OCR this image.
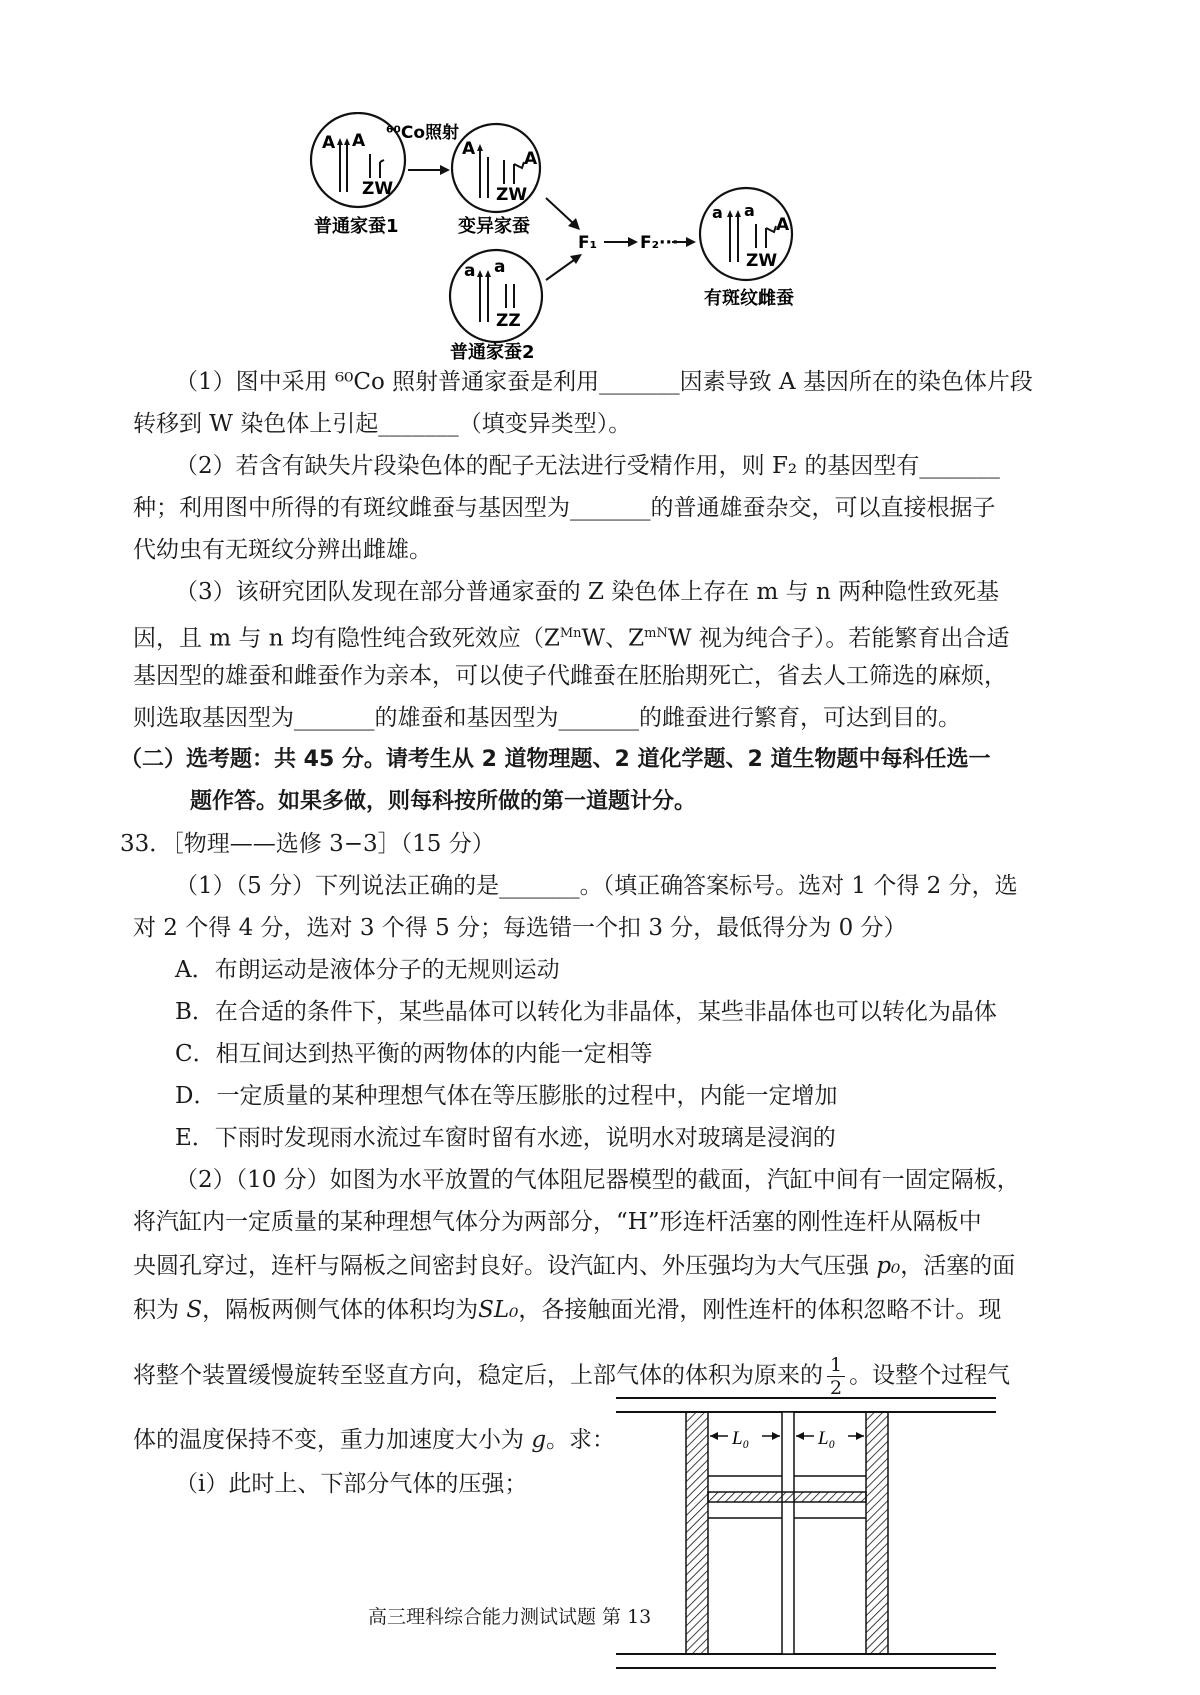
A A
ZW
普通家蚕1
⁶⁰Co照射
A	A
ZW
变异家蚕
a a
ZZ
普通家蚕2
F₁	F₂···
a a
A
ZW
有斑纹雌蚕
（1）图中采用 ⁶⁰Co 照射普通家蚕是利用_______因素导致 A 基因所在的染色体片段
转移到 W 染色体上引起_______（填变异类型）。
（2）若含有缺失片段染色体的配子无法进行受精作用，则 F₂ 的基因型有_______
种；利用图中所得的有斑纹雌蚕与基因型为_______的普通雄蚕杂交，可以直接根据子
代幼虫有无斑纹分辨出雌雄。
（3）该研究团队发现在部分普通家蚕的 Z 染色体上存在 m 与 n 两种隐性致死基
因，且 m 与 n 均有隐性纯合致死效应（$Z^{Mn}W$、$Z^{mN}W$ 视为纯合子）。若能繁育出合适
基因型的雄蚕和雌蚕作为亲本，可以使子代雌蚕在胚胎期死亡，省去人工筛选的麻烦，
则选取基因型为_______的雄蚕和基因型为_______的雌蚕进行繁育，可达到目的。
（二）选考题：共 45 分。请考生从 2 道物理题、2 道化学题、2 道生物题中每科任选一
题作答。如果多做，则每科按所做的第一道题计分。
33．［物理——选修 3−3］（15 分）
（1）（5 分）下列说法正确的是_______。（填正确答案标号。选对 1 个得 2 分，选
对 2 个得 4 分，选对 3 个得 5 分；每选错一个扣 3 分，最低得分为 0 分）
A．布朗运动是液体分子的无规则运动
B．在合适的条件下，某些晶体可以转化为非晶体，某些非晶体也可以转化为晶体
C．相互间达到热平衡的两物体的内能一定相等
D．一定质量的某种理想气体在等压膨胀的过程中，内能一定增加
E．下雨时发现雨水流过车窗时留有水迹，说明水对玻璃是浸润的
（2）（10 分）如图为水平放置的气体阻尼器模型的截面，汽缸中间有一固定隔板，
将汽缸内一定质量的某种理想气体分为两部分，“H”形连杆活塞的刚性连杆从隔板中
央圆孔穿过，连杆与隔板之间密封良好。设汽缸内、外压强均为大气压强 p₀，活塞的面
积为 S，隔板两侧气体的体积均为SL₀，各接触面光滑，刚性连杆的体积忽略不计。现
将整个装置缓慢旋转至竖直方向，稳定后，上部气体的体积为原来的 $\frac{1}{2}$ 。设整个过程气
体的温度保持不变，重力加速度大小为 g。求：
（ⅰ）此时上、下部分气体的压强；
L₀	L₀
高三理科综合能力测试试题 第 13
